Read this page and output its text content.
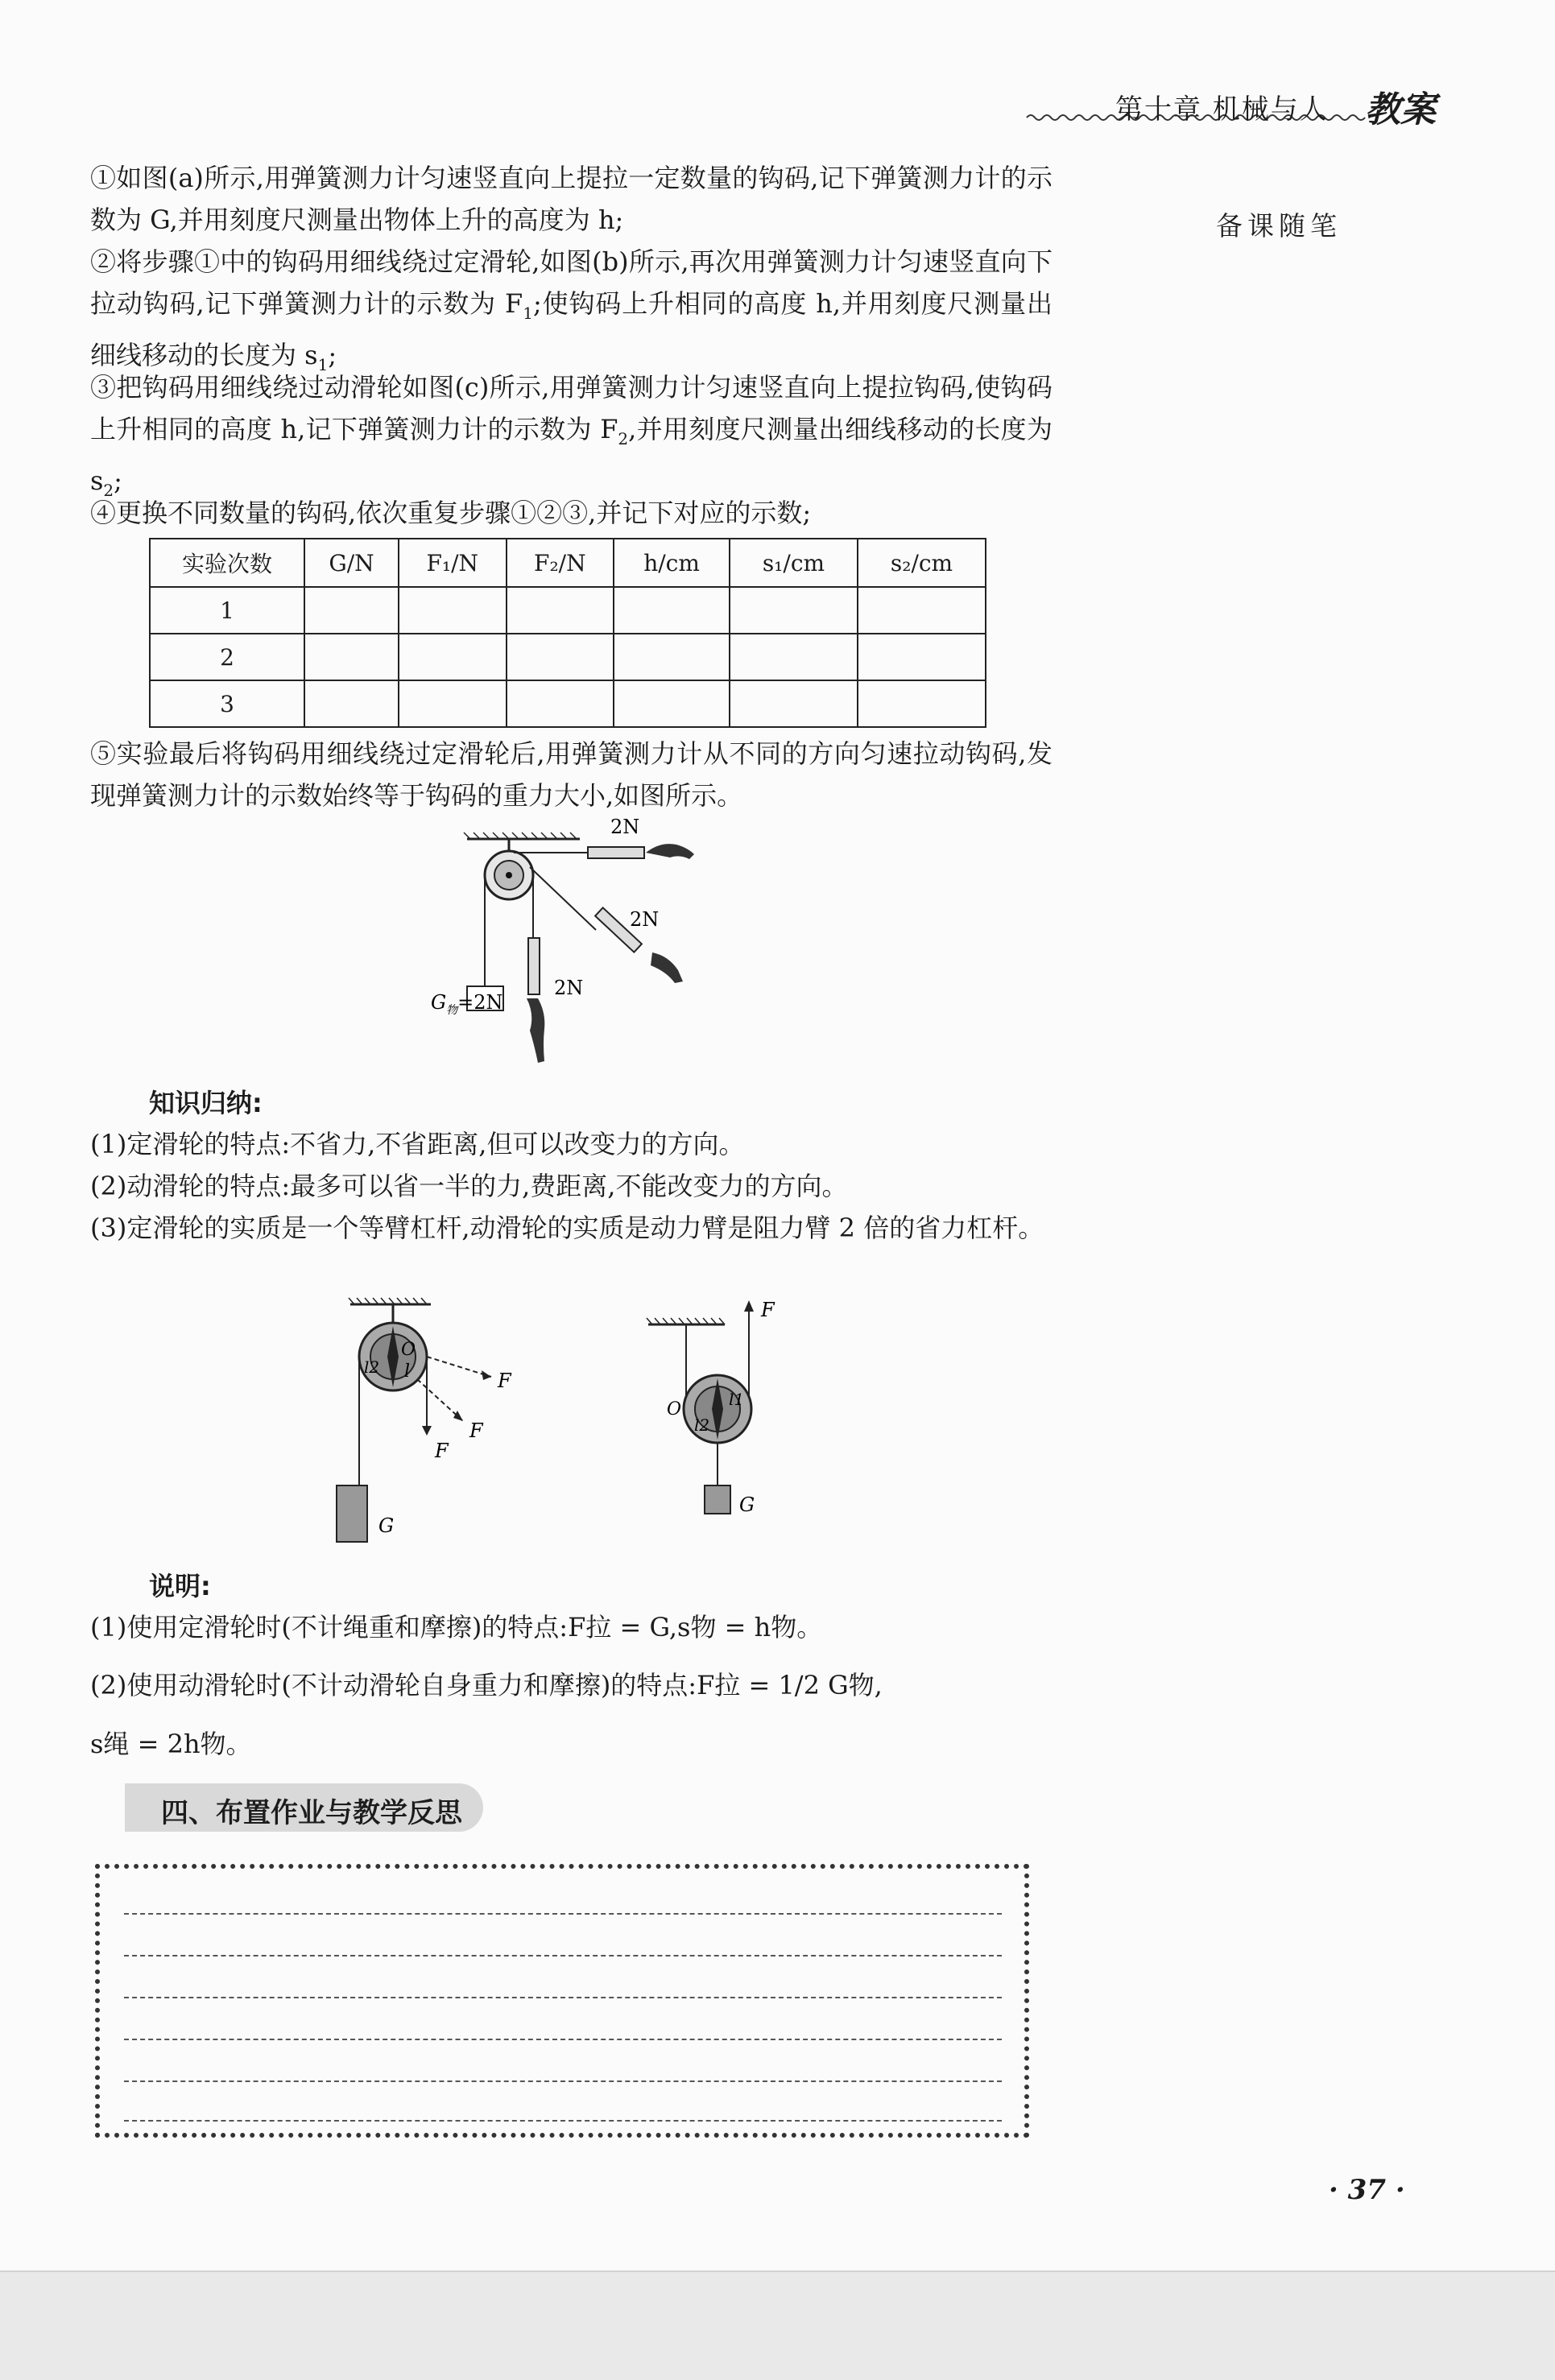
第十章 机械与人 教案
备课随笔
①如图(a)所示,用弹簧测力计匀速竖直向上提拉一定数量的钩码,记下弹簧测力计的示数为 G,并用刻度尺测量出物体上升的高度为 h;
②将步骤①中的钩码用细线绕过定滑轮,如图(b)所示,再次用弹簧测力计匀速竖直向下拉动钩码,记下弹簧测力计的示数为 $F_1$;使钩码上升相同的高度 h,并用刻度尺测量出细线移动的长度为 $s_1$;
③把钩码用细线绕过动滑轮如图(c)所示,用弹簧测力计匀速竖直向上提拉钩码,使钩码上升相同的高度 h,记下弹簧测力计的示数为 $F_2$,并用刻度尺测量出细线移动的长度为 $s_2$;
④更换不同数量的钩码,依次重复步骤①②③,并记下对应的示数;
实验次数	G/N	F₁/N	F₂/N	h/cm	s₁/cm	s₂/cm
1						
2						
3						
⑤实验最后将钩码用细线绕过定滑轮后,用弹簧测力计从不同的方向匀速拉动钩码,发现弹簧测力计的示数始终等于钩码的重力大小,如图所示。
2N
2N
2N
$G_物=2N$
知识归纳:
(1)定滑轮的特点:不省力,不省距离,但可以改变力的方向。
(2)动滑轮的特点:最多可以省一半的力,费距离,不能改变力的方向。
(3)定滑轮的实质是一个等臂杠杆,动滑轮的实质是动力臂是阻力臂 2 倍的省力杠杆。
F
F
F
O
l
l2
G
F
O	l1
l2
G
说明:
(1)使用定滑轮时(不计绳重和摩擦)的特点:F拉 = G,s物 = h物。
(2)使用动滑轮时(不计动滑轮自身重力和摩擦)的特点:F拉 = 1/2 G物,
s绳 = 2h物。
四、布置作业与教学反思
· 37 ·
